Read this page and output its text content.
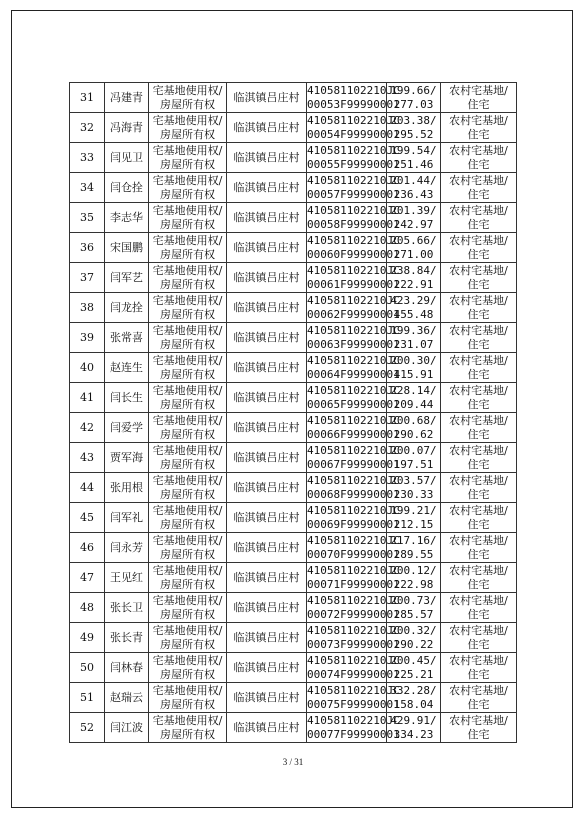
31	冯建青	宅基地使用权/
房屋所有权	临淇镇吕庄村	410581102210JC
00053F99990001	199.66/
277.03	农村宅基地/
住宅

32	冯海青	宅基地使用权/
房屋所有权	临淇镇吕庄村	410581102210JC
00054F99990001	203.38/
295.52	农村宅基地/
住宅

33	闫见卫	宅基地使用权/
房屋所有权	临淇镇吕庄村	410581102210JC
00055F99990001	199.54/
251.46	农村宅基地/
住宅

34	闫仓拴	宅基地使用权/
房屋所有权	临淇镇吕庄村	410581102210JC
00057F99990001	201.44/
236.43	农村宅基地/
住宅

35	李志华	宅基地使用权/
房屋所有权	临淇镇吕庄村	410581102210JC
00058F99990001	201.39/
242.97	农村宅基地/
住宅

36	宋国鹏	宅基地使用权/
房屋所有权	临淇镇吕庄村	410581102210JC
00060F99990001	205.66/
271.00	农村宅基地/
住宅

37	闫军艺	宅基地使用权/
房屋所有权	临淇镇吕庄村	410581102210JC
00061F99990001	238.84/
222.91	农村宅基地/
住宅

38	闫龙拴	宅基地使用权/
房屋所有权	临淇镇吕庄村	410581102210JC
00062F99990001	423.29/
455.48	农村宅基地/
住宅

39	张常喜	宅基地使用权/
房屋所有权	临淇镇吕庄村	410581102210JC
00063F99990001	199.36/
231.07	农村宅基地/
住宅

40	赵连生	宅基地使用权/
房屋所有权	临淇镇吕庄村	410581102210JC
00064F99990001	200.30/
415.91	农村宅基地/
住宅

41	闫长生	宅基地使用权/
房屋所有权	临淇镇吕庄村	410581102210JC
00065F99990001	228.14/
209.44	农村宅基地/
住宅

42	闫爱学	宅基地使用权/
房屋所有权	临淇镇吕庄村	410581102210JC
00066F99990001	200.68/
290.62	农村宅基地/
住宅

43	贾军海	宅基地使用权/
房屋所有权	临淇镇吕庄村	410581102210JC
00067F99990001	200.07/
197.51	农村宅基地/
住宅

44	张用根	宅基地使用权/
房屋所有权	临淇镇吕庄村	410581102210JC
00068F99990001	203.57/
230.33	农村宅基地/
住宅

45	闫军礼	宅基地使用权/
房屋所有权	临淇镇吕庄村	410581102210JC
00069F99990001	199.21/
212.15	农村宅基地/
住宅

46	闫永芳	宅基地使用权/
房屋所有权	临淇镇吕庄村	410581102210JC
00070F99990001	217.16/
289.55	农村宅基地/
住宅

47	王见红	宅基地使用权/
房屋所有权	临淇镇吕庄村	410581102210JC
00071F99990001	200.12/
222.98	农村宅基地/
住宅

48	张长卫	宅基地使用权/
房屋所有权	临淇镇吕庄村	410581102210JC
00072F99990001	200.73/
285.57	农村宅基地/
住宅

49	张长青	宅基地使用权/
房屋所有权	临淇镇吕庄村	410581102210JC
00073F99990001	200.32/
290.22	农村宅基地/
住宅

50	闫林春	宅基地使用权/
房屋所有权	临淇镇吕庄村	410581102210JC
00074F99990001	200.45/
225.21	农村宅基地/
住宅

51	赵瑞云	宅基地使用权/
房屋所有权	临淇镇吕庄村	410581102210JC
00075F99990001	332.28/
158.04	农村宅基地/
住宅

52	闫江波	宅基地使用权/
房屋所有权	临淇镇吕庄村	410581102210JC
00077F99990001	429.91/
334.23	农村宅基地/
住宅
3 / 31
